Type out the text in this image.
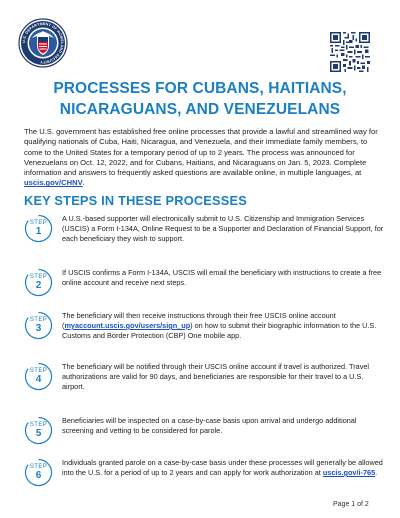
U.S. DEPARTMENT OF HOMELAND SECURITY
PROCESSES FOR CUBANS, HAITIANS,
NICARAGUANS, AND VENEZUELANS
The U.S. government has established free online processes that provide a lawful and streamlined way for qualifying nationals of Cuba, Haiti, Nicaragua, and Venezuela, and their immediate family members, to come to the United States for a temporary period of up to 2 years. The process was announced for Venezuelans on Oct. 12, 2022, and for Cubans, Haitians, and Nicaraguans on Jan. 5, 2023. Complete information and answers to frequently asked questions are available online, in multiple languages, at uscis.gov/CHNV.
KEY STEPS IN THESE PROCESSES
STEP
1
A U.S.-based supporter will electronically submit to U.S. Citizenship and Immigration Services (USCIS) a Form I-134A, Online Request to be a Supporter and Declaration of Financial Support, for each beneficiary they wish to support.
STEP
2
If USCIS confirms a Form I-134A, USCIS will email the beneficiary with instructions to create a free online account and receive next steps.
STEP
3
The beneficiary will then receive instructions through their free USCIS online account (myaccount.uscis.gov/users/sign_up) on how to submit their biographic information to the U.S. Customs and Border Protection (CBP) One mobile app.
STEP
4
The beneficiary will be notified through their USCIS online account if travel is authorized. Travel authorizations are valid for 90 days, and beneficiaries are responsible for their travel to a U.S. airport.
STEP
5
Beneficiaries will be inspected on a case-by-case basis upon arrival and undergo additional screening and vetting to be considered for parole.
STEP
6
Individuals granted parole on a case-by-case basis under these processes will generally be allowed into the U.S. for a period of up to 2 years and can apply for work authorization at uscis.gov/i-765.
Page 1 of 2
